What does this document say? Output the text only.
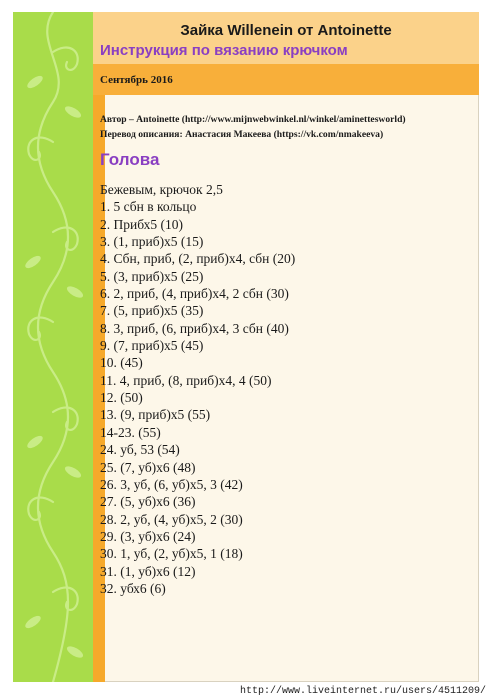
Зайка Willenein от Antoinette
Инструкция по вязанию крючком
Сентябрь 2016
Автор – Antoinette (http://www.mijnwebwinkel.nl/winkel/aminettesworld)
Перевод описания: Анастасия Макеева (https://vk.com/nmakeeva)
Голова
Бежевым, крючок 2,5
1. 5 сбн в кольцо
2. Прибх5 (10)
3. (1, приб)х5 (15)
4. Сбн, приб, (2, приб)х4, сбн (20)
5. (3, приб)х5 (25)
6. 2, приб, (4, приб)х4, 2 сбн (30)
7. (5, приб)х5 (35)
8. 3, приб, (6, приб)х4, 3 сбн (40)
9. (7, приб)х5 (45)
10. (45)
11. 4, приб, (8, приб)х4, 4 (50)
12. (50)
13. (9, приб)х5 (55)
14-23. (55)
24. уб, 53 (54)
25. (7, уб)х6 (48)
26. 3, уб, (6, уб)х5, 3 (42)
27. (5, уб)х6 (36)
28. 2, уб, (4, уб)х5, 2 (30)
29. (3, уб)х6 (24)
30. 1, уб, (2, уб)х5, 1 (18)
31. (1, уб)х6 (12)
32. убх6 (6)
http://www.liveinternet.ru/users/4511209/
